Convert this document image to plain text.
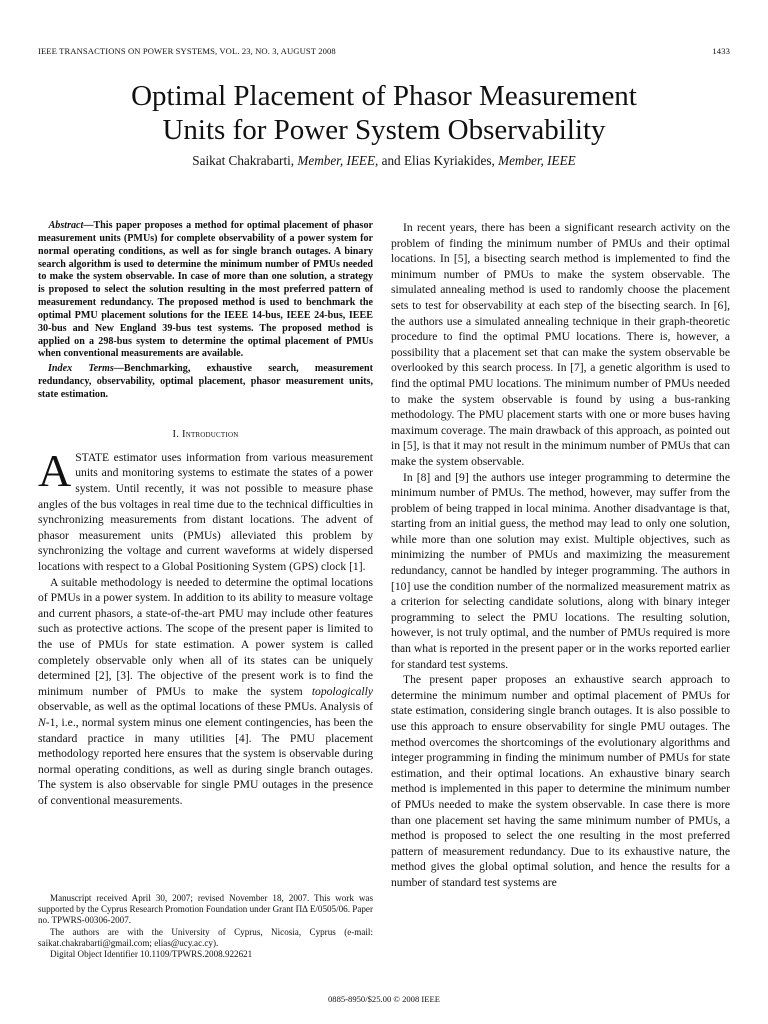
IEEE TRANSACTIONS ON POWER SYSTEMS, VOL. 23, NO. 3, AUGUST 2008	1433
Optimal Placement of Phasor Measurement
Units for Power System Observability
Saikat Chakrabarti, Member, IEEE, and Elias Kyriakides, Member, IEEE
Abstract—This paper proposes a method for optimal placement of phasor measurement units (PMUs) for complete observability of a power system for normal operating conditions, as well as for single branch outages. A binary search algorithm is used to determine the minimum number of PMUs needed to make the system observable. In case of more than one solution, a strategy is proposed to select the solution resulting in the most preferred pattern of measurement redundancy. The proposed method is used to benchmark the optimal PMU placement solutions for the IEEE 14-bus, IEEE 24-bus, IEEE 30-bus and New England 39-bus test systems. The proposed method is applied on a 298-bus system to determine the optimal placement of PMUs when conventional measurements are available.
Index Terms—Benchmarking, exhaustive search, measurement redundancy, observability, optimal placement, phasor measurement units, state estimation.
I. Introduction

ASTATE estimator uses information from various measurement units and monitoring systems to estimate the states of a power system. Until recently, it was not possible to measure phase angles of the bus voltages in real time due to the technical difficulties in synchronizing measurements from distant locations. The advent of phasor measurement units (PMUs) alleviated this problem by synchronizing the voltage and current waveforms at widely dispersed locations with respect to a Global Positioning System (GPS) clock [1].

A suitable methodology is needed to determine the optimal locations of PMUs in a power system. In addition to its ability to measure voltage and current phasors, a state-of-the-art PMU may include other features such as protective actions. The scope of the present paper is limited to the use of PMUs for state estimation. A power system is called completely observable only when all of its states can be uniquely determined [2], [3]. The objective of the present work is to find the minimum number of PMUs to make the system topologically observable, as well as the optimal locations of these PMUs. Analysis of N-1, i.e., normal system minus one element contingencies, has been the standard practice in many utilities [4]. The PMU placement methodology reported here ensures that the system is observable during normal operating conditions, as well as during single branch outages. The system is also observable for single PMU outages in the presence of conventional measurements.

Manuscript received April 30, 2007; revised November 18, 2007. This work was supported by the Cyprus Research Promotion Foundation under Grant ΠΔ Ε/0505/06. Paper no. TPWRS-00306-2007.

The authors are with the University of Cyprus, Nicosia, Cyprus (e-mail: saikat.chakrabarti@gmail.com; elias@ucy.ac.cy).

Digital Object Identifier 10.1109/TPWRS.2008.922621

In recent years, there has been a significant research activity on the problem of finding the minimum number of PMUs and their optimal locations. In [5], a bisecting search method is implemented to find the minimum number of PMUs to make the system observable. The simulated annealing method is used to randomly choose the placement sets to test for observability at each step of the bisecting search. In [6], the authors use a simulated annealing technique in their graph-theoretic procedure to find the optimal PMU locations. There is, however, a possibility that a placement set that can make the system observable be overlooked by this search process. In [7], a genetic algorithm is used to find the optimal PMU locations. The minimum number of PMUs needed to make the system observable is found by using a bus-ranking methodology. The PMU placement starts with one or more buses having maximum coverage. The main drawback of this approach, as pointed out in [5], is that it may not result in the minimum number of PMUs that can make the system observable.

In [8] and [9] the authors use integer programming to determine the minimum number of PMUs. The method, however, may suffer from the problem of being trapped in local minima. Another disadvantage is that, starting from an initial guess, the method may lead to only one solution, while more than one solution may exist. Multiple objectives, such as minimizing the number of PMUs and maximizing the measurement redundancy, cannot be handled by integer programming. The authors in [10] use the condition number of the normalized measurement matrix as a criterion for selecting candidate solutions, along with binary integer programming to select the PMU locations. The resulting solution, however, is not truly optimal, and the number of PMUs required is more than what is reported in the present paper or in the works reported earlier for standard test systems.

The present paper proposes an exhaustive search approach to determine the minimum number and optimal placement of PMUs for state estimation, considering single branch outages. It is also possible to use this approach to ensure observability for single PMU outages. The method overcomes the shortcomings of the evolutionary algorithms and integer programming in finding the minimum number of PMUs for state estimation, and their optimal locations. An exhaustive binary search method is implemented in this paper to determine the minimum number of PMUs needed to make the system observable. In case there is more than one placement set having the same minimum number of PMUs, a method is proposed to select the one resulting in the most preferred pattern of measurement redundancy. Due to its exhaustive nature, the method gives the global optimal solution, and hence the results for a number of standard test systems are

0885-8950/$25.00 © 2008 IEEE
